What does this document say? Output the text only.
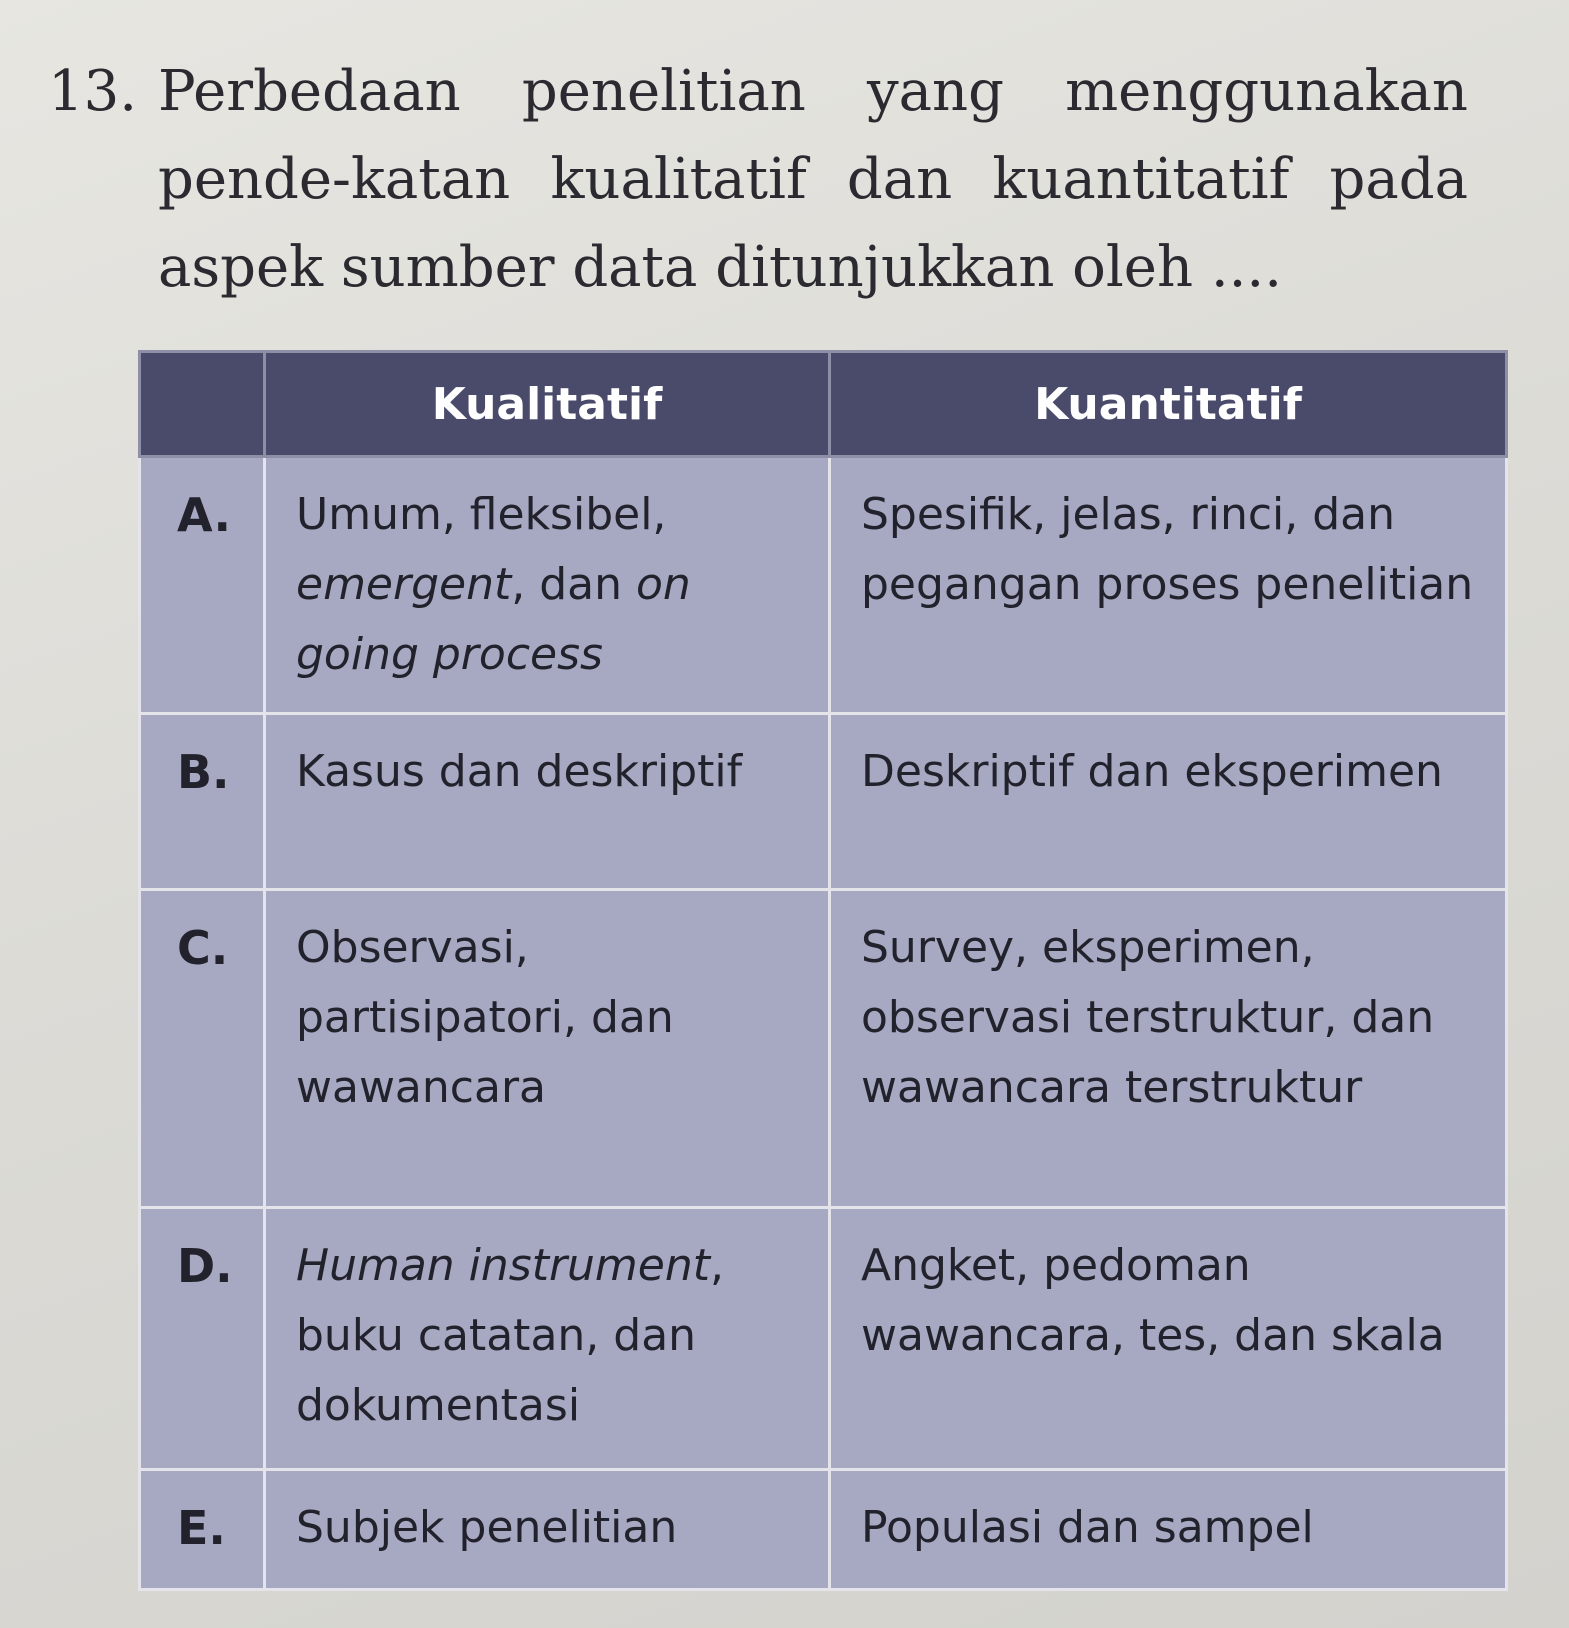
13. Perbedaan penelitian yang menggunakan pende-katan kualitatif dan kuantitatif pada aspek sumber data ditunjukkan oleh ....
	Kualitatif	Kuantitatif
A.	Umum, fleksibel, emergent, dan on going process	Spesifik, jelas, rinci, dan pegangan proses penelitian
B.	Kasus dan deskriptif	Deskriptif dan eksperimen
C.	Observasi, partisipatori, dan wawancara	Survey, eksperimen, observasi terstruktur, dan wawancara terstruktur
D.	Human instrument, buku catatan, dan dokumentasi	Angket, pedoman wawancara, tes, dan skala
E.	Subjek penelitian	Populasi dan sampel
